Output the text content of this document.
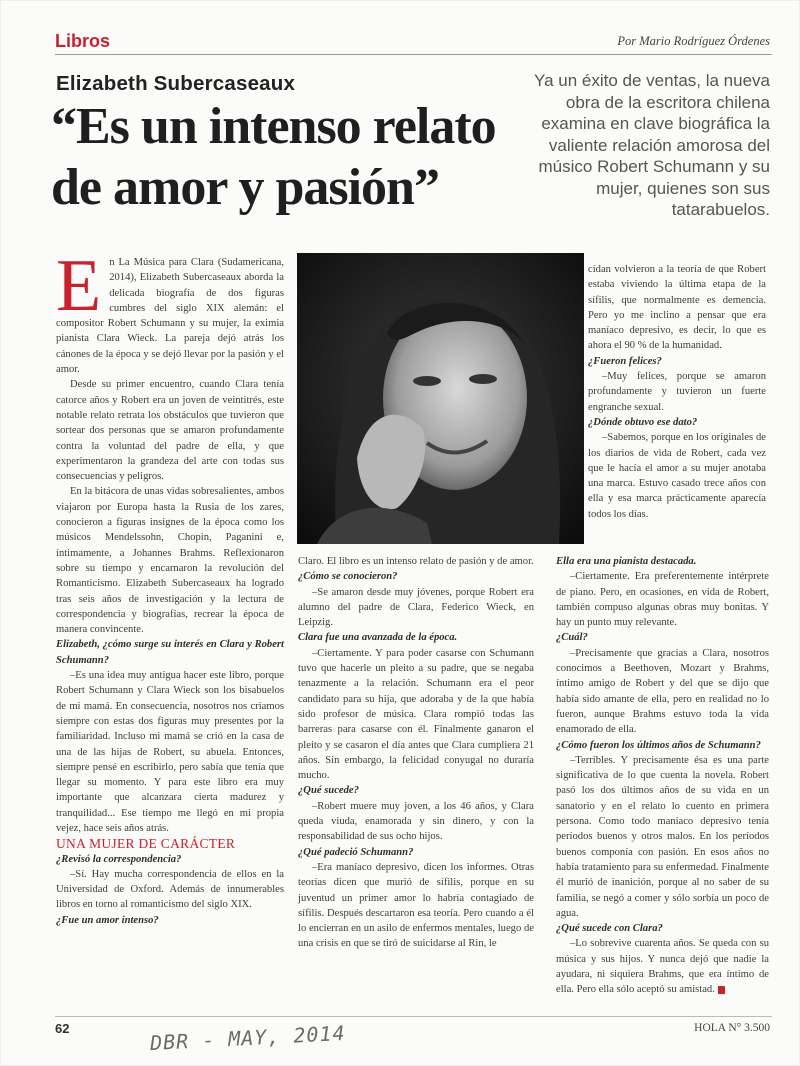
Libros	Por Mario Rodríguez Órdenes
Elizabeth Subercaseaux
“Es un intenso relato de amor y pasión”
Ya un éxito de ventas, la nueva obra de la escritora chilena examina en clave biográfica la valiente relación amorosa del músico Robert Schumann y su mujer, quienes son sus tatarabuelos.

En La Música para Clara (Sudamericana, 2014), Elizabeth Subercaseaux aborda la delicada biografía de dos figuras cumbres del siglo XIX alemán: el compositor Robert Schumann y su mujer, la eximia pianista Clara Wieck. La pareja dejó atrás los cánones de la época y se dejó llevar por la pasión y el amor.

Desde su primer encuentro, cuando Clara tenía catorce años y Robert era un joven de veintitrés, este notable relato retrata los obstáculos que tuvieron que sortear dos personas que se amaron profundamente contra la voluntad del padre de ella, y que experimentaron la grandeza del arte con todas sus consecuencias y peligros.

En la bitácora de unas vidas sobresalientes, ambos viajaron por Europa hasta la Rusia de los zares, conocieron a figuras insignes de la época como los músicos Mendelssohn, Chopin, Paganini e, íntimamente, a Johannes Brahms. Reflexionaron sobre su tiempo y encarnaron la revolución del Romanticismo. Elizabeth Subercaseaux ha logrado tras seis años de investigación y la lectura de correspondencia y biografías, recrear la época de manera convincente.

Elizabeth, ¿cómo surge su interés en Clara y Robert Schumann?

–Es una idea muy antigua hacer este libro, porque Robert Schumann y Clara Wieck son los bisabuelos de mi mamá. En consecuencia, nosotros nos criamos siempre con estas dos figuras muy presentes por la familiaridad. Incluso mi mamá se crió en la casa de una de las hijas de Robert, su abuela. Entonces, siempre pensé en escribirlo, pero sabía que tenía que llegar su momento. Y para este libro era muy importante que alcanzara cierta madurez y tranquilidad... Ese tiempo me llegó en mi propia vejez, hace seis años atrás.

UNA MUJER DE CARÁCTER

¿Revisó la correspondencia?

–Sí. Hay mucha correspondencia de ellos en la Universidad de Oxford. Además de innumerables libros en torno al romanticismo del siglo XIX.

¿Fue un amor intenso?

Claro. El libro es un intenso relato de pasión y de amor.

¿Cómo se conocieron?

–Se amaron desde muy jóvenes, porque Robert era alumno del padre de Clara, Federico Wieck, en Leipzig.

Clara fue una avanzada de la época.

–Ciertamente. Y para poder casarse con Schumann tuvo que hacerle un pleito a su padre, que se negaba tenazmente a la relación. Schumann era el peor candidato para su hija, que adoraba y de la que había sido profesor de música. Clara rompió todas las barreras para casarse con él. Finalmente ganaron el pleito y se casaron el día antes que Clara cumpliera 21 años. Sin embargo, la felicidad conyugal no duraría mucho.

¿Qué sucede?

–Robert muere muy joven, a los 46 años, y Clara queda viuda, enamorada y sin dinero, y con la responsabilidad de sus ocho hijos.

¿Qué padeció Schumann?

–Era maníaco depresivo, dicen los informes. Otras teorías dicen que murió de sífilis, porque en su juventud un primer amor lo habría contagiado de sífilis. Después descartaron esa teoría. Pero cuando a él lo encierran en un asilo de enfermos mentales, luego de una crisis en que se tiró de suicidarse al Rin, le

cidan volvieron a la teoría de que Robert estaba viviendo la última etapa de la sífilis, que normalmente es demencia. Pero yo me inclino a pensar que era maníaco depresivo, es decir, lo que es ahora el 90 % de la humanidad.

¿Fueron felices?

–Muy felices, porque se amaron profundamente y tuvieron un fuerte engranche sexual.

¿Dónde obtuvo ese dato?

–Sabemos, porque en los originales de los diarios de vida de Robert, cada vez que le hacía el amor a su mujer anotaba una marca. Estuvo casado trece años con ella y esa marca prácticamente aparecía todos los días.

Ella era una pianista destacada.

–Ciertamente. Era preferentemente intérprete de piano. Pero, en ocasiones, en vida de Robert, también compuso algunas obras muy bonitas. Y hay un punto muy relevante.

¿Cuál?

–Precisamente que gracias a Clara, nosotros conocimos a Beethoven, Mozart y Brahms, íntimo amigo de Robert y del que se dijo que había sido amante de ella, pero en realidad no lo fueron, aunque Brahms estuvo toda la vida enamorado de ella.

¿Cómo fueron los últimos años de Schumann?

–Terribles. Y precisamente ésa es una parte significativa de lo que cuenta la novela. Robert pasó los dos últimos años de su vida en un sanatorio y en el relato lo cuento en primera persona. Como todo maníaco depresivo tenía períodos buenos y otros malos. En los períodos buenos componía con pasión. En esos años no había tratamiento para su enfermedad. Finalmente él murió de inanición, porque al no saber de su familia, se negó a comer y sólo sorbía un poco de agua.

¿Qué sucede con Clara?

–Lo sobrevive cuarenta años. Se queda con su música y sus hijos. Y nunca dejó que nadie la ayudara, ni siquiera Brahms, que era íntimo de ella. Pero ella sólo aceptó su amistad.

62	DBR - MAY, 2014	HOLA N° 3.500
